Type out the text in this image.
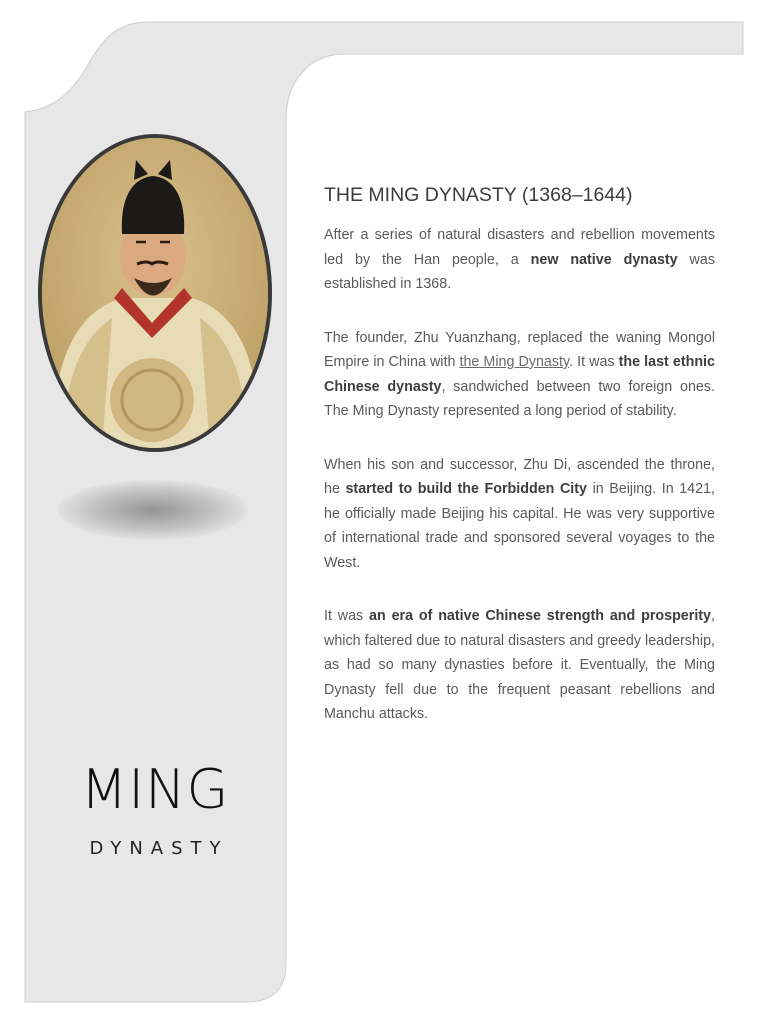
MING
DYNASTY
THE MING DYNASTY (1368–1644)

After a series of natural disasters and rebellion movements led by the Han people, a new native dynasty was established in 1368.

The founder, Zhu Yuanzhang, replaced the waning Mongol Empire in China with the Ming Dynasty. It was the last ethnic Chinese dynasty, sandwiched between two foreign ones. The Ming Dynasty represented a long period of stability.

When his son and successor, Zhu Di, ascended the throne, he started to build the Forbidden City in Beijing. In 1421, he officially made Beijing his capital. He was very supportive of international trade and sponsored several voyages to the West.

It was an era of native Chinese strength and prosperity, which faltered due to natural disasters and greedy leadership, as had so many dynasties before it. Eventually, the Ming Dynasty fell due to the frequent peasant rebellions and Manchu attacks.
